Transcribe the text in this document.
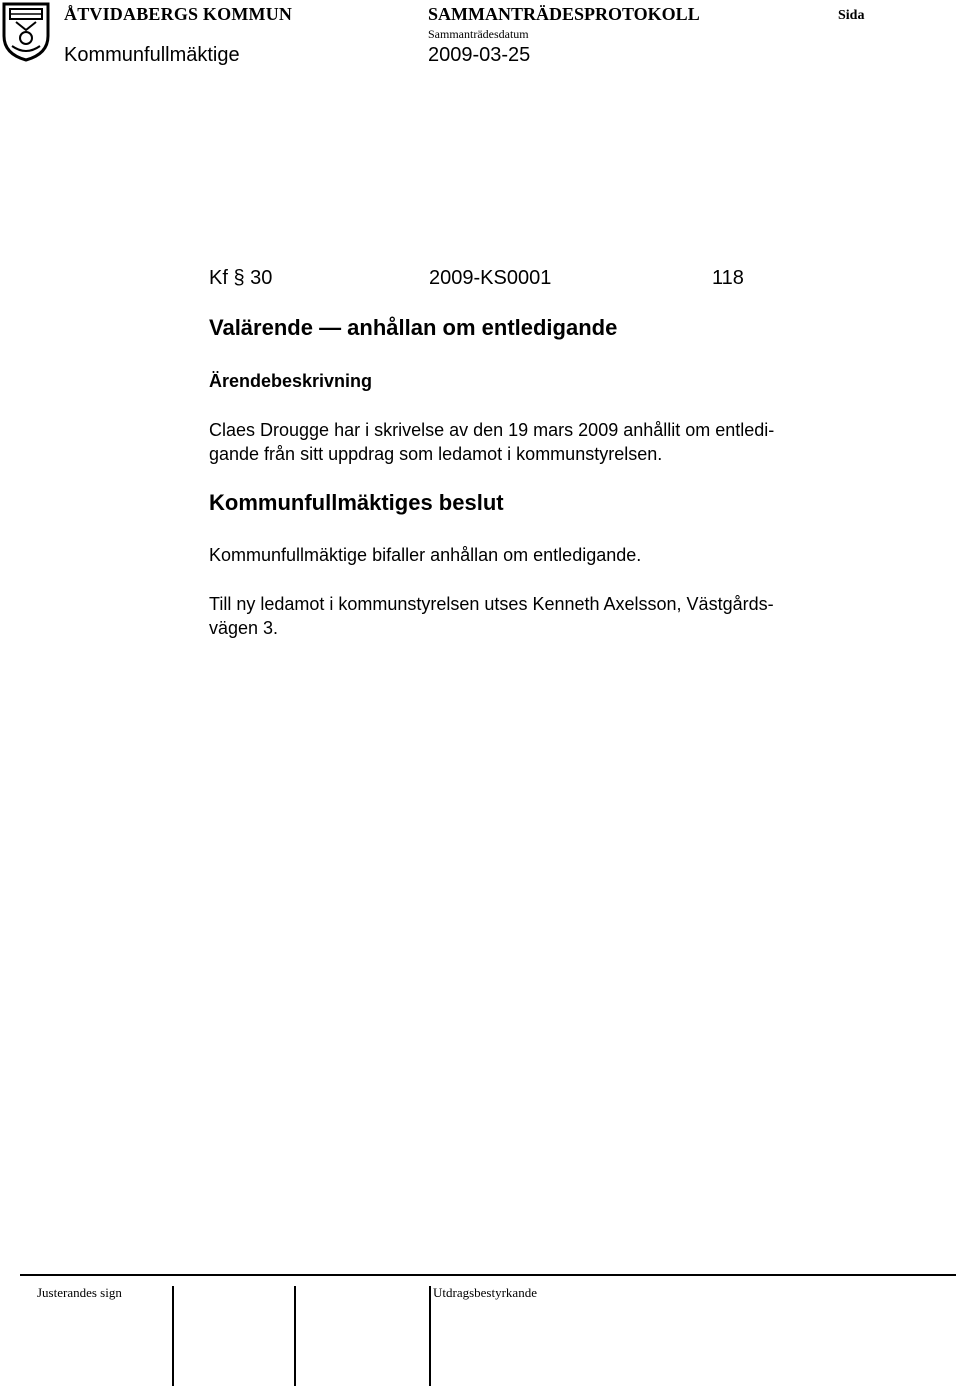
ÅTVIDABERGS KOMMUN	SAMMANTRÄDESPROTOKOLL	Sida
Sammanträdesdatum
Kommunfullmäktige	2009-03-25
Kf § 30	2009-KS0001	118
Valärende — anhållan om entledigande
Ärendebeskrivning
Claes Drougge har i skrivelse av den 19 mars 2009 anhållit om entledi-
gande från sitt uppdrag som ledamot i kommunstyrelsen.
Kommunfullmäktiges beslut
Kommunfullmäktige bifaller anhållan om entledigande.
Till ny ledamot i kommunstyrelsen utses Kenneth Axelsson, Västgårds-
vägen 3.
Justerandes sign	Utdragsbestyrkande
